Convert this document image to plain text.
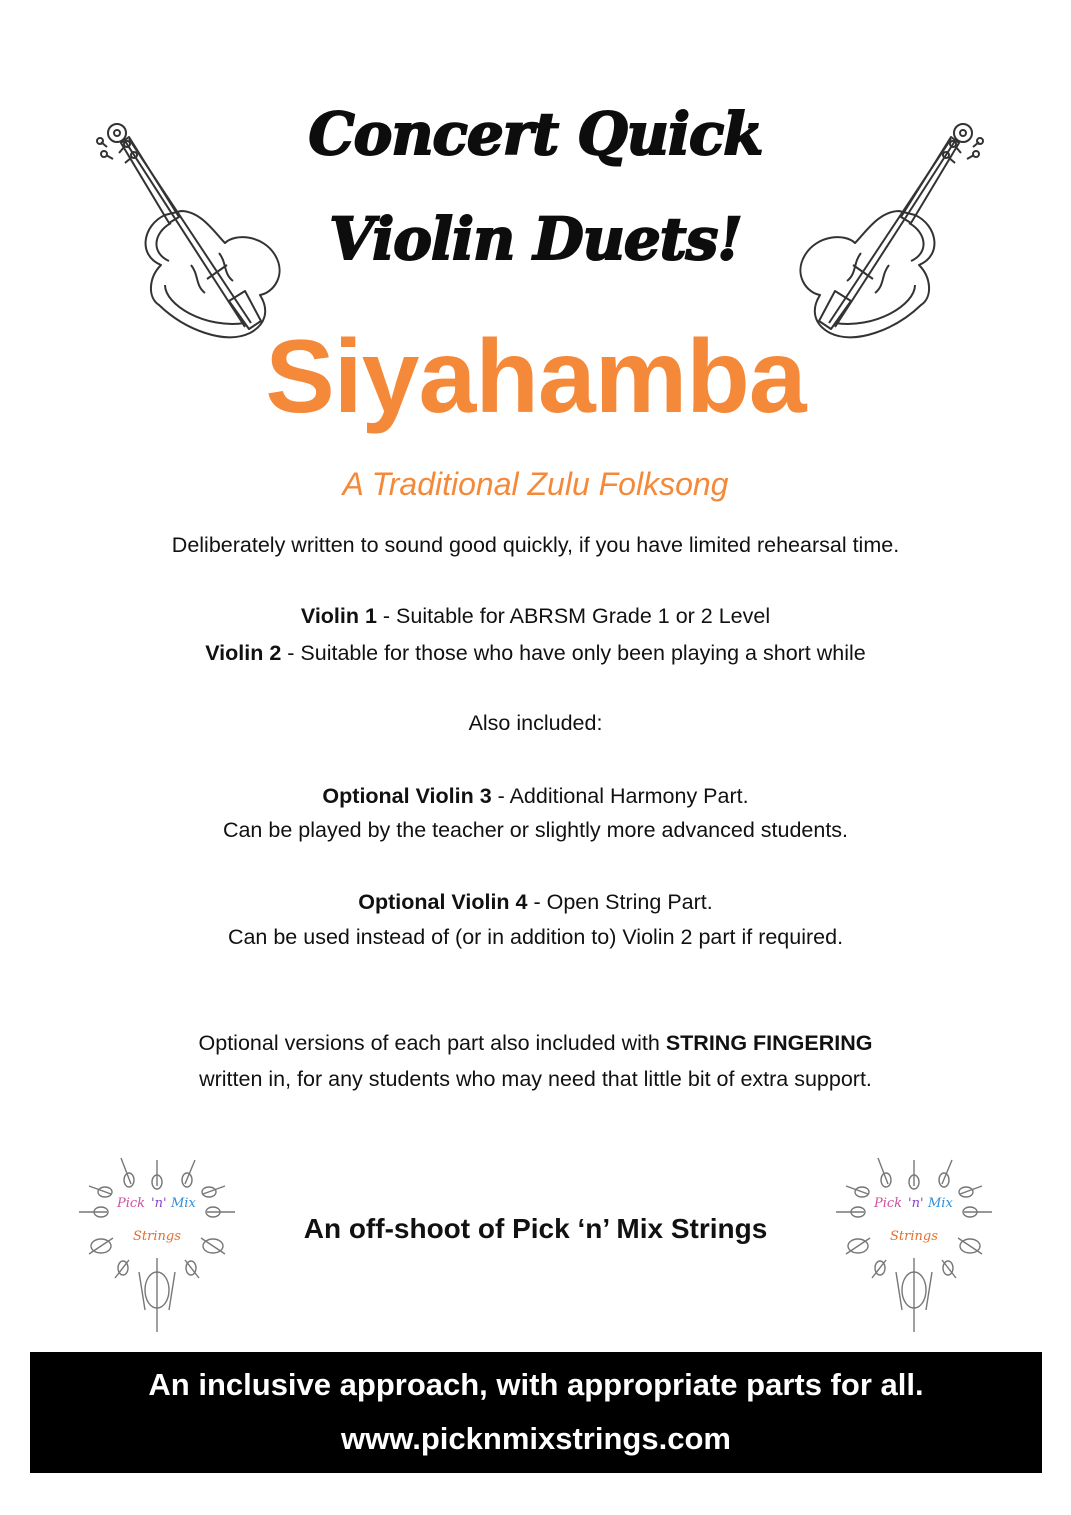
Concert Quick
Violin Duets!
Siyahamba
A Traditional Zulu Folksong
Deliberately written to sound good quickly, if you have limited rehearsal time.
Violin 1 - Suitable for ABRSM Grade 1 or 2 Level
Violin 2 - Suitable for those who have only been playing a short while
Also included:
Optional Violin 3 - Additional Harmony Part.
Can be played by the teacher or slightly more advanced students.
Optional Violin 4 - Open String Part.
Can be used instead of (or in addition to) Violin 2 part if required.
Optional versions of each part also included with STRING FINGERING
written in, for any students who may need that little bit of extra support.
Pick 'n' Mix
Strings	An off-shoot of Pick ‘n’ Mix Strings
Pick 'n' Mix
Strings
An inclusive approach, with appropriate parts for all.
www.picknmixstrings.com
